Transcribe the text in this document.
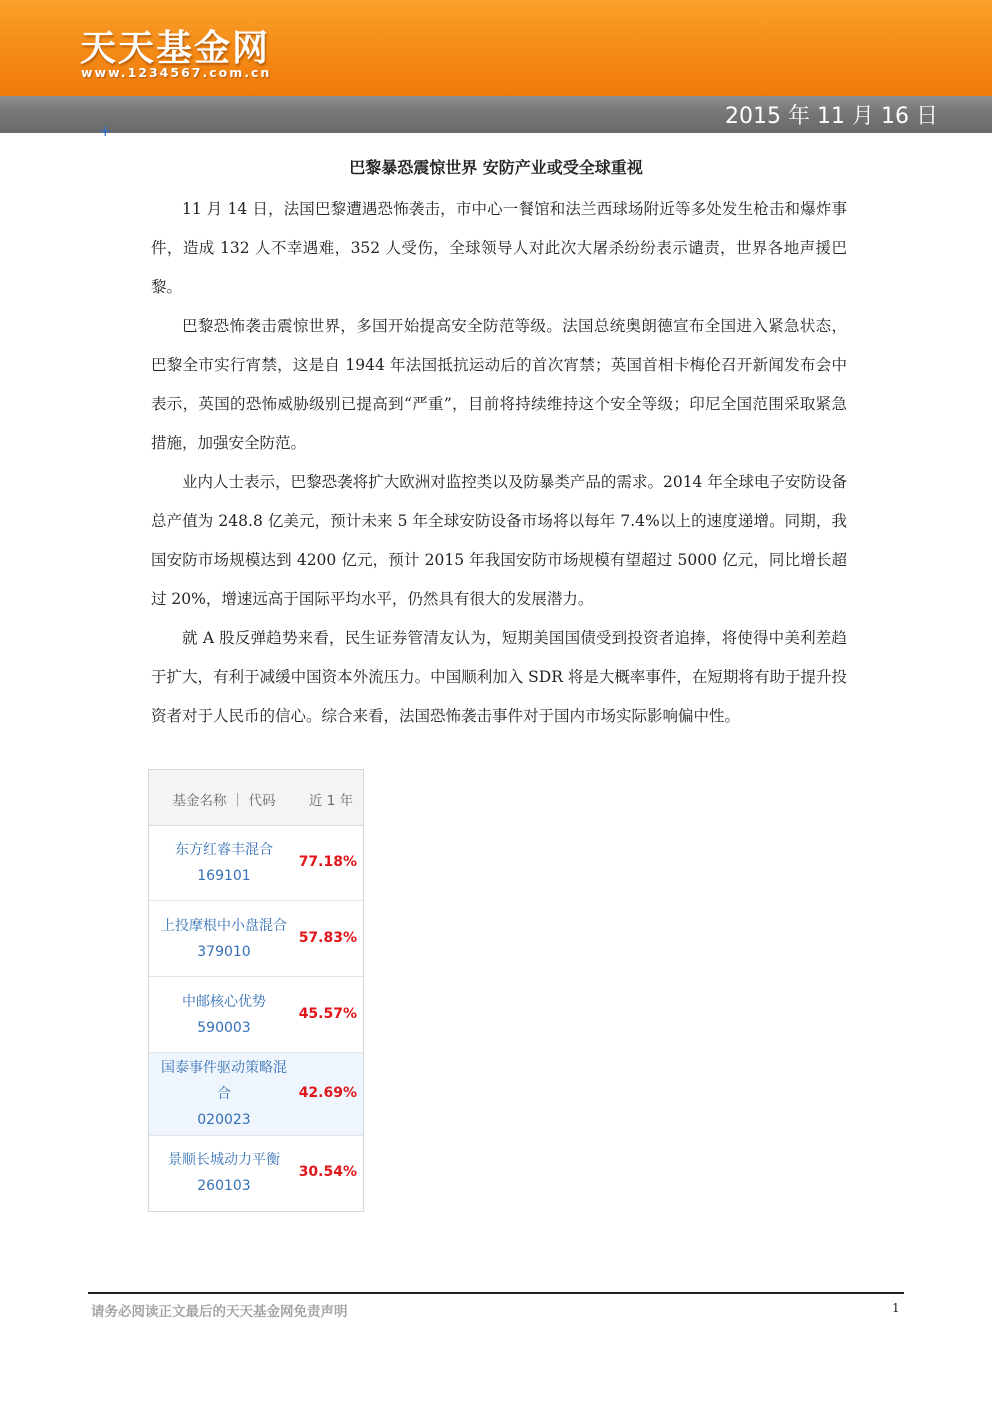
天天基金网
www.1234567.com.cn
2015 年 11 月 16 日
+
巴黎暴恐震惊世界 安防产业或受全球重视

11 月 14 日，法国巴黎遭遇恐怖袭击，市中心一餐馆和法兰西球场附近等多处发生枪击和爆炸事件，造成 132 人不幸遇难，352 人受伤，全球领导人对此次大屠杀纷纷表示谴责，世界各地声援巴黎。

巴黎恐怖袭击震惊世界，多国开始提高安全防范等级。法国总统奥朗德宣布全国进入紧急状态，巴黎全市实行宵禁，这是自 1944 年法国抵抗运动后的首次宵禁；英国首相卡梅伦召开新闻发布会中表示，英国的恐怖威胁级别已提高到“严重”，目前将持续维持这个安全等级；印尼全国范围采取紧急措施，加强安全防范。

业内人士表示，巴黎恐袭将扩大欧洲对监控类以及防暴类产品的需求。2014 年全球电子安防设备总产值为 248.8 亿美元，预计未来 5 年全球安防设备市场将以每年 7.4%以上的速度递增。同期，我国安防市场规模达到 4200 亿元，预计 2015 年我国安防市场规模有望超过 5000 亿元，同比增长超过 20%，增速远高于国际平均水平，仍然具有很大的发展潜力。

就 A 股反弹趋势来看，民生证券管清友认为，短期美国国债受到投资者追捧，将使得中美利差趋于扩大，有利于减缓中国资本外流压力。中国顺利加入 SDR 将是大概率事件，在短期将有助于提升投资者对于人民币的信心。综合来看，法国恐怖袭击事件对于国内市场实际影响偏中性。

基金名称 ｜ 代码	近 1 年
东方红睿丰混合
169101
77.18%
上投摩根中小盘混合
379010
57.83%
中邮核心优势
590003
45.57%
国泰事件驱动策略混
合
020023
42.69%
景顺长城动力平衡
260103
30.54%
请务必阅读正文最后的天天基金网免责声明	1
